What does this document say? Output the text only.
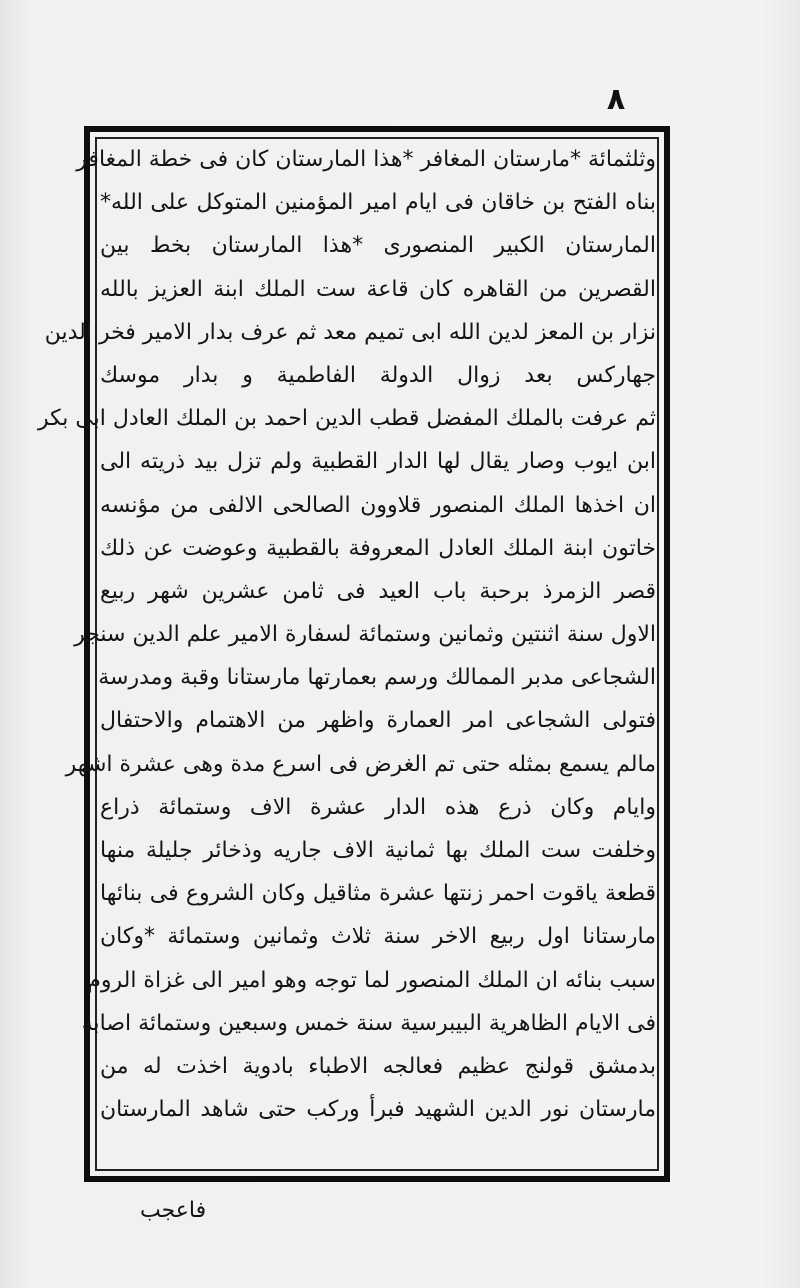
٨
وثلثمائة *مارستان المغافر *هذا المارستان كان فى خطة المغافر
بناه الفتح بن خاقان فى ايام امير المؤمنين المتوكل على الله*
المارستان الكبير المنصورى *هذا المارستان بخط بين
القصرين من القاهره كان قاعة ست الملك ابنة العزيز بالله
نزار بن المعز لدين الله ابى تميم معد ثم عرف بدار الامير فخر الدين
جهاركس بعد زوال الدولة الفاطمية و بدار موسك
ثم عرفت بالملك المفضل قطب الدين احمد بن الملك العادل ابى بكر
ابن ايوب وصار يقال لها الدار القطبية ولم تزل بيد ذريته الى
ان اخذها الملك المنصور قلاوون الصالحى الالفى من مؤنسه
خاتون ابنة الملك العادل المعروفة بالقطبية وعوضت عن ذلك
قصر الزمرذ برحبة باب العيد فى ثامن عشرين شهر ربيع
الاول سنة اثنتين وثمانين وستمائة لسفارة الامير علم الدين سنجر
الشجاعى مدبر الممالك ورسم بعمارتها مارستانا وقبة ومدرسة
فتولى الشجاعى امر العمارة واظهر من الاهتمام والاحتفال
مالم يسمع بمثله حتى تم الغرض فى اسرع مدة وهى عشرة اشهر
وايام وكان ذرع هذه الدار عشرة الاف وستمائة ذراع
وخلفت ست الملك بها ثمانية الاف جاريه وذخائر جليلة منها
قطعة ياقوت احمر زنتها عشرة مثاقيل وكان الشروع فى بنائها
مارستانا اول ربيع الاخر سنة ثلاث وثمانين وستمائة *وكان
سبب بنائه ان الملك المنصور لما توجه وهو امير الى غزاة الروم
فى الايام الظاهرية البيبرسية سنة خمس وسبعين وستمائة اصابه
بدمشق قولنج عظيم فعالجه الاطباء بادوية اخذت له من
مارستان نور الدين الشهيد فبرأ وركب حتى شاهد المارستان
فاعجب
